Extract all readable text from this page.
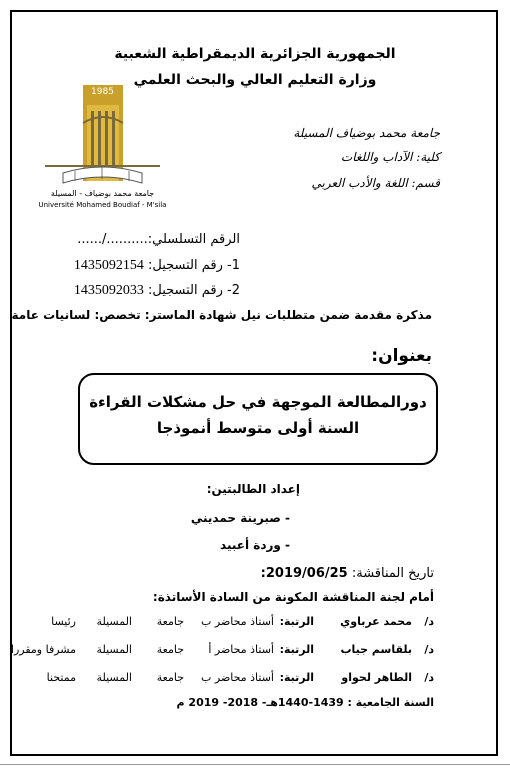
الجمهورية الجزائرية الديمقراطية الشعبية
وزارة التعليم العالي والبحث العلمي
جامعة محمد بوضياف المسيلة
كلية: الآداب واللغات
قسم: اللغة والأدب العربي
1985
جامعة محمد بوضياف - المسيلة
Université Mohamed Boudiaf - M'sila
الرقم التسلسلي:........../......
1- رقم التسجيل: 1435092154
2- رقم التسجيل: 1435092033
مذكرة مقدمة ضمن متطلبات نيل شهادة الماستر: تخصص: لسانيات عامة
بعنوان:
دورالمطالعة الموجهة في حل مشكلات القراءة
السنة أولى متوسط أنموذجا
إعداد الطالبتين:
- صبرينة حمديني
- وردة أعبيد
تاريخ المناقشة: 2019/06/25:
أمام لجنة المناقشة المكونة من السادة الأساتذة:
د/
محمد عرباوي
الرتبة:
أستاذ محاضر ب
جامعة
المسيلة
رئيسا
د/
بلقاسم جياب
الرتبة:
أستاذ محاضر أ
جامعة
المسيلة
مشرفا ومقررا
د/
الطاهر لحواو
الرتبة:
أستاذ محاضر ب
جامعة
المسيلة
ممتحنا
السنة الجامعية : 1439-1440هـ- 2018- 2019 م
